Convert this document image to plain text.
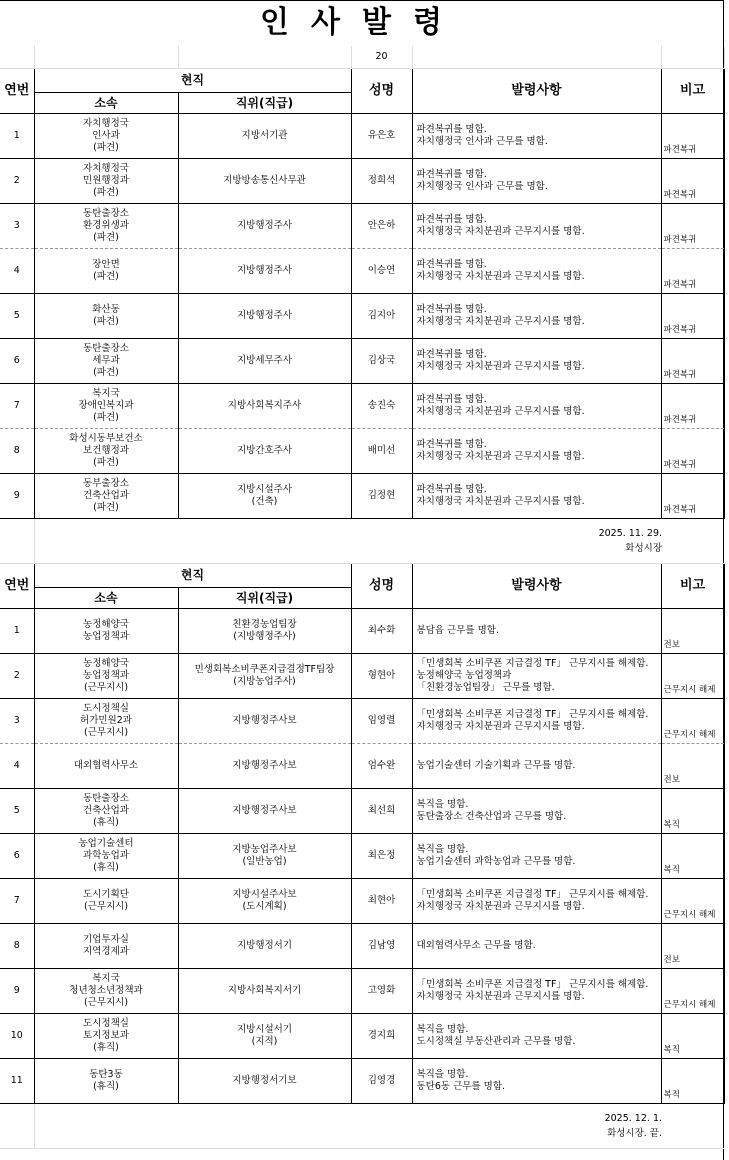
인사발령					
			20		
연번	현직		성명	발령사항	비고
	소속	직위(직급)			
1	자치행정국
인사과
(파견)	지방서기관	유은호	파견복귀를 명함.
자치행정국 인사과 근무를 명함.	파견복귀
2	자치행정국
민원행정과
(파견)	지방방송통신사무관	정희석	파견복귀를 명함.
자치행정국 인사과 근무를 명함.	파견복귀
3	동탄출장소
환경위생과
(파견)	지방행정주사	안은하	파견복귀를 명함.
자치행정국 자치분권과 근무지시를 명함.	파견복귀
4	장안면
(파견)	지방행정주사	이승연	파견복귀를 명함.
자치행정국 자치분권과 근무지시를 명함.	파견복귀
5	화산동
(파견)	지방행정주사	김지아	파견복귀를 명함.
자치행정국 자치분권과 근무지시를 명함.	파견복귀
6	동탄출장소
세무과
(파견)	지방세무주사	김상국	파견복귀를 명함.
자치행정국 자치분권과 근무지시를 명함.	파견복귀
7	복지국
장애인복지과
(파견)	지방사회복지주사	송진숙	파견복귀를 명함.
자치행정국 자치분권과 근무지시를 명함.	파견복귀
8	화성시동부보건소
보건행정과
(파견)	지방간호주사	배미선	파견복귀를 명함.
자치행정국 자치분권과 근무지시를 명함.	파견복귀
9	동부출장소
건축산업과
(파견)	지방시설주사
(건축)	김정현	파견복귀를 명함.
자치행정국 자치분권과 근무지시를 명함.	파견복귀
	2025. 11. 29.
화성시장				
연번	현직		성명	발령사항	비고
	소속	직위(직급)			
1	농정해양국
농업정책과	친환경농업팀장
(지방행정주사)	최수화	봉담읍 근무를 명함.	전보
2	농정해양국
농업정책과
(근무지시)	민생회복소비쿠폰지급결정TF팀장
(지방농업주사)	형현아	「민생회복 소비쿠폰 지급결정 TF」 근무지시를 해제함.
농정해양국 농업정책과
「친환경농업팀장」 근무를 명함.	근무지시 해제
3	도시정책실
허가민원2과
(근무지시)	지방행정주사보	임영렬	「민생회복 소비쿠폰 지급결정 TF」 근무지시를 해제함.
자치행정국 자치분권과 근무지시를 명함.	근무지시 해제
4	대외협력사무소	지방행정주사보	엄수완	농업기술센터 기술기획과 근무를 명함.	전보
5	동탄출장소
건축산업과
(휴직)	지방행정주사보	최선희	복직을 명함.
동탄출장소 건축산업과 근무를 명함.	복직
6	농업기술센터
과학농업과
(휴직)	지방농업주사보
(일반농업)	최은정	복직을 명함.
농업기술센터 과학농업과 근무를 명함.	복직
7	도시기획단
(근무지시)	지방시설주사보
(도시계획)	최현아	「민생회복 소비쿠폰 지급결정 TF」 근무지시를 해제함.
자치행정국 자치분권과 근무지시를 명함.	근무지시 해제
8	기업투자실
지역경제과	지방행정서기	김남영	대외협력사무소 근무를 명함.	전보
9	복지국
청년청소년정책과
(근무지시)	지방사회복지서기	고영화	「민생회복 소비쿠폰 지급결정 TF」 근무지시를 해제함.
자치행정국 자치분권과 근무지시를 명함.	근무지시 해제
10	도시정책실
토지정보과
(휴직)	지방시설서기
(지적)	경지희	복직을 명함.
도시정책실 부동산관리과 근무를 명함.	복직
11	동탄3동
(휴직)	지방행정서기보	김영경	복직을 명함.
동탄6동 근무를 명함.	복직
	2025. 12. 1.
화성시장. 끝.				
